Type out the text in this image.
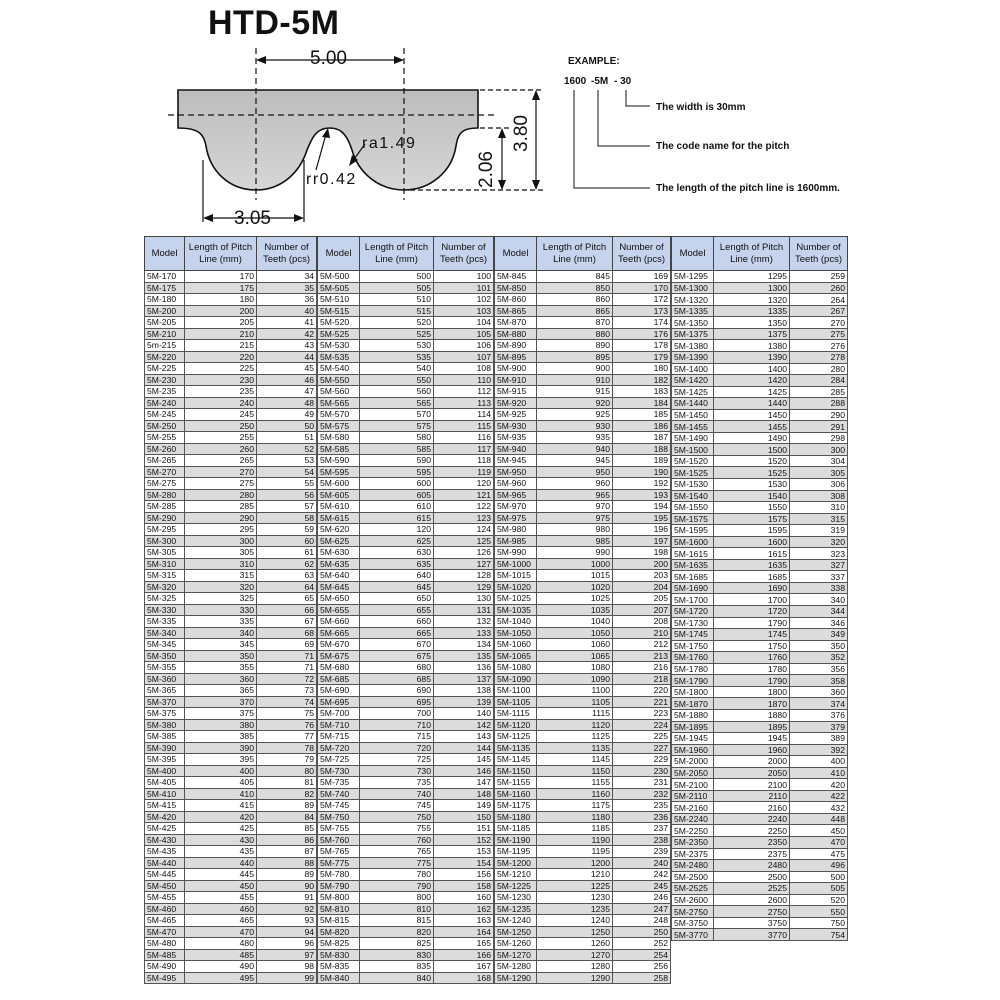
HTD-5M
5.00
3.05
3.80
2.06
ra1.49
rr0.42
EXAMPLE:
1600 -5M - 30
The width is 30mm
The code name for the pitch
The length of the pitch line is 1600mm.
Model	Length of Pitch Line (mm)	Number of Teeth (pcs)
5M-170	170	34
5M-175	175	35
5M-180	180	36
5M-200	200	40
5M-205	205	41
5M-210	210	42
5m-215	215	43
5M-220	220	44
5M-225	225	45
5M-230	230	46
5M-235	235	47
5M-240	240	48
5M-245	245	49
5M-250	250	50
5M-255	255	51
5M-260	260	52
5M-265	265	53
5M-270	270	54
5M-275	275	55
5M-280	280	56
5M-285	285	57
5M-290	290	58
5M-295	295	59
5M-300	300	60
5M-305	305	61
5M-310	310	62
5M-315	315	63
5M-320	320	64
5M-325	325	65
5M-330	330	66
5M-335	335	67
5M-340	340	68
5M-345	345	69
5M-350	350	71
5M-355	355	71
5M-360	360	72
5M-365	365	73
5M-370	370	74
5M-375	375	75
5M-380	380	76
5M-385	385	77
5M-390	390	78
5M-395	395	79
5M-400	400	80
5M-405	405	81
5M-410	410	82
5M-415	415	89
5M-420	420	84
5M-425	425	85
5M-430	430	86
5M-435	435	87
5M-440	440	88
5M-445	445	89
5M-450	450	90
5M-455	455	91
5M-460	460	92
5M-465	465	93
5M-470	470	94
5M-480	480	96
5M-485	485	97
5M-490	490	98
5M-495	495	99
Model	Length of Pitch Line (mm)	Number of Teeth (pcs)
5M-500	500	100
5M-505	505	101
5M-510	510	102
5M-515	515	103
5M-520	520	104
5M-525	525	105
5M-530	530	106
5M-535	535	107
5M-540	540	108
5M-550	550	110
5M-560	560	112
5M-565	565	113
5M-570	570	114
5M-575	575	115
5M-580	580	116
5M-585	585	117
5M-590	590	118
5M-595	595	119
5M-600	600	120
5M-605	605	121
5M-610	610	122
5M-615	615	123
5M-620	120	124
5M-625	625	125
5M-630	630	126
5M-635	635	127
5M-640	640	128
5M-645	645	129
5M-650	650	130
5M-655	655	131
5M-660	660	132
5M-665	665	133
5M-670	670	134
5M-675	675	135
5M-680	680	136
5M-685	685	137
5M-690	690	138
5M-695	695	139
5M-700	700	140
5M-710	710	142
5M-715	715	143
5M-720	720	144
5M-725	725	145
5M-730	730	146
5M-735	735	147
5M-740	740	148
5M-745	745	149
5M-750	750	150
5M-755	755	151
5M-760	760	152
5M-765	765	153
5M-775	775	154
5M-780	780	156
5M-790	790	158
5M-800	800	160
5M-810	810	162
5M-815	815	163
5M-820	820	164
5M-825	825	165
5M-830	830	166
5M-835	835	167
5M-840	840	168
Model	Length of Pitch Line (mm)	Number of Teeth (pcs)
5M-845	845	169
5M-850	850	170
5M-860	860	172
5M-865	865	173
5M-870	870	174
5M-880	880	176
5M-890	890	178
5M-895	895	179
5M-900	900	180
5M-910	910	182
5M-915	915	183
5M-920	920	184
5M-925	925	185
5M-930	930	186
5M-935	935	187
5M-940	940	188
5M-945	945	189
5M-950	950	190
5M-960	960	192
5M-965	965	193
5M-970	970	194
5M-975	975	195
5M-980	980	196
5M-985	985	197
5M-990	990	198
5M-1000	1000	200
5M-1015	1015	203
5M-1020	1020	204
5M-1025	1025	205
5M-1035	1035	207
5M-1040	1040	208
5M-1050	1050	210
5M-1060	1060	212
5M-1065	1065	213
5M-1080	1080	216
5M-1090	1090	218
5M-1100	1100	220
5M-1105	1105	221
5M-1115	1115	223
5M-1120	1120	224
5M-1125	1125	225
5M-1135	1135	227
5M-1145	1145	229
5M-1150	1150	230
5M-1155	1155	231
5M-1160	1160	232
5M-1175	1175	235
5M-1180	1180	236
5M-1185	1185	237
5M-1190	1190	238
5M-1195	1195	239
5M-1200	1200	240
5M-1210	1210	242
5M-1225	1225	245
5M-1230	1230	246
5M-1235	1235	247
5M-1240	1240	248
5M-1250	1250	250
5M-1260	1260	252
5M-1270	1270	254
5M-1280	1280	256
5M-1290	1290	258
Model	Length of Pitch Line (mm)	Number of Teeth (pcs)
5M-1295	1295	259
5M-1300	1300	260
5M-1320	1320	264
5M-1335	1335	267
5M-1350	1350	270
5M-1375	1375	275
5M-1380	1380	276
5M-1390	1390	278
5M-1400	1400	280
5M-1420	1420	284
5M-1425	1425	285
5M-1440	1440	288
5M-1450	1450	290
5M-1455	1455	291
5M-1490	1490	298
5M-1500	1500	300
5M-1520	1520	304
5M-1525	1525	305
5M-1530	1530	306
5M-1540	1540	308
5M-1550	1550	310
5M-1575	1575	315
5M-1595	1595	319
5M-1600	1600	320
5M-1615	1615	323
5M-1635	1635	327
5M-1685	1685	337
5M-1690	1690	338
5M-1700	1700	340
5M-1720	1720	344
5M-1730	1790	346
5M-1745	1745	349
5M-1750	1750	350
5M-1760	1760	352
5M-1780	1780	356
5M-1790	1790	358
5M-1800	1800	360
5M-1870	1870	374
5M-1880	1880	376
5M-1895	1895	379
5M-1945	1945	389
5M-1960	1960	392
5M-2000	2000	400
5M-2050	2050	410
5M-2100	2100	420
5M-2110	2110	422
5M-2160	2160	432
5M-2240	2240	448
5M-2250	2250	450
5M-2350	2350	470
5M-2375	2375	475
5M-2480	2480	496
5M-2500	2500	500
5M-2525	2525	505
5M-2600	2600	520
5M-2750	2750	550
5M-3750	3750	750
5M-3770	3770	754
